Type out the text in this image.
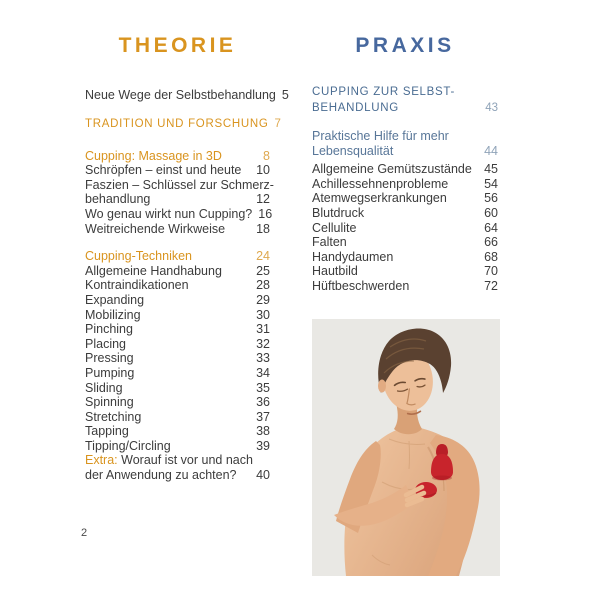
THEORIE
Neue Wege der Selbstbehandlung 5
TRADITION UND FORSCHUNG 7
Cupping: Massage in 3D	8
Schröpfen – einst und heute	10
Faszien – Schlüssel zur Schmerz-
behandlung	12
Wo genau wirkt nun Cupping? 16
Weitreichende Wirkweise	18
Cupping-Techniken	24
Allgemeine Handhabung	25
Kontraindikationen	28
Expanding	29
Mobilizing	30
Pinching	31
Placing	32
Pressing	33
Pumping	34
Sliding	35
Spinning	36
Stretching	37
Tapping	38
Tipping/Circling	39
Extra: Worauf ist vor und nach
der Anwendung zu achten?	40
PRAXIS
CUPPING ZUR SELBST-
BEHANDLUNG	43
Praktische Hilfe für mehr
Lebensqualität	44
Allgemeine Gemütszustände 45
Achillessehnenprobleme	54
Atemwegserkrankungen	56
Blutdruck	60
Cellulite	64
Falten	66
Handydaumen	68
Hautbild	70
Hüftbeschwerden	72
2
